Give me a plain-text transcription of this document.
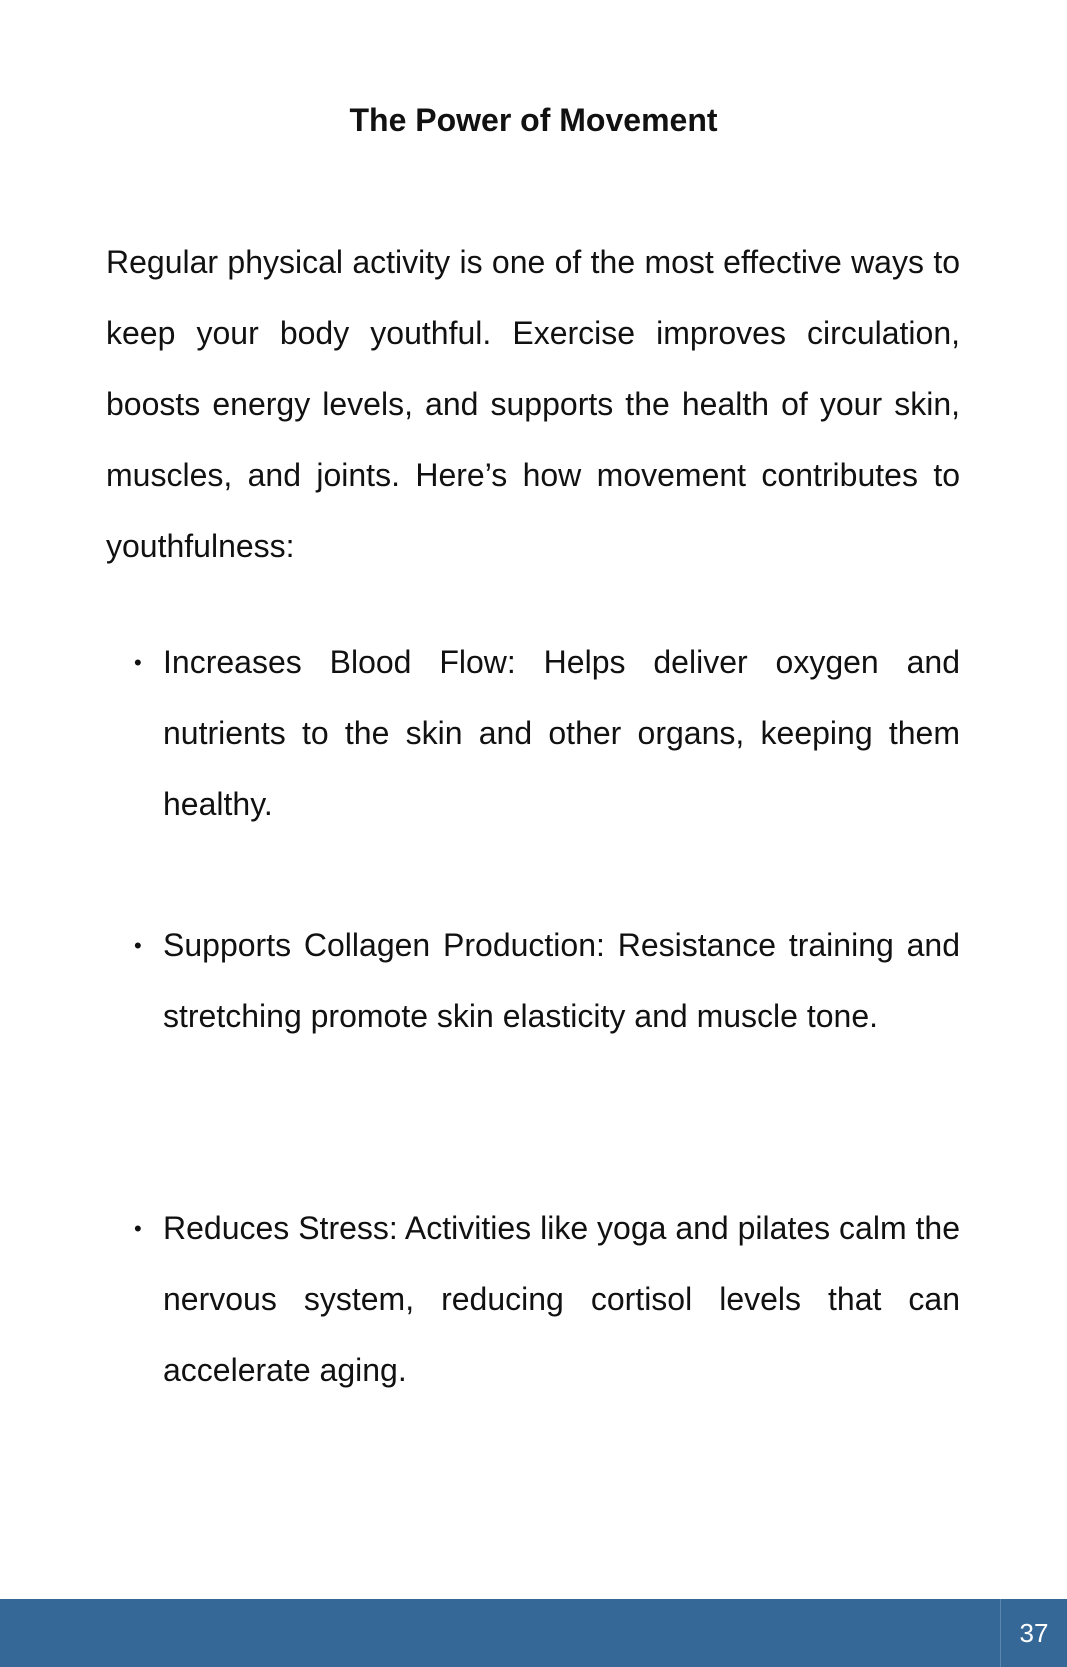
The Power of Movement

Regular physical activity is one of the most effective ways to keep your body youthful. Exercise improves circulation, boosts energy levels, and supports the health of your skin, muscles, and joints. Here’s how movement contributes to youthfulness:

• Increases Blood Flow: Helps deliver oxygen and nutrients to the skin and other organs, keeping them healthy.

• Supports Collagen Production: Resistance training and stretching promote skin elasticity and muscle tone.

• Reduces Stress: Activities like yoga and pilates calm the nervous system, reducing cortisol levels that can accelerate aging.

37
